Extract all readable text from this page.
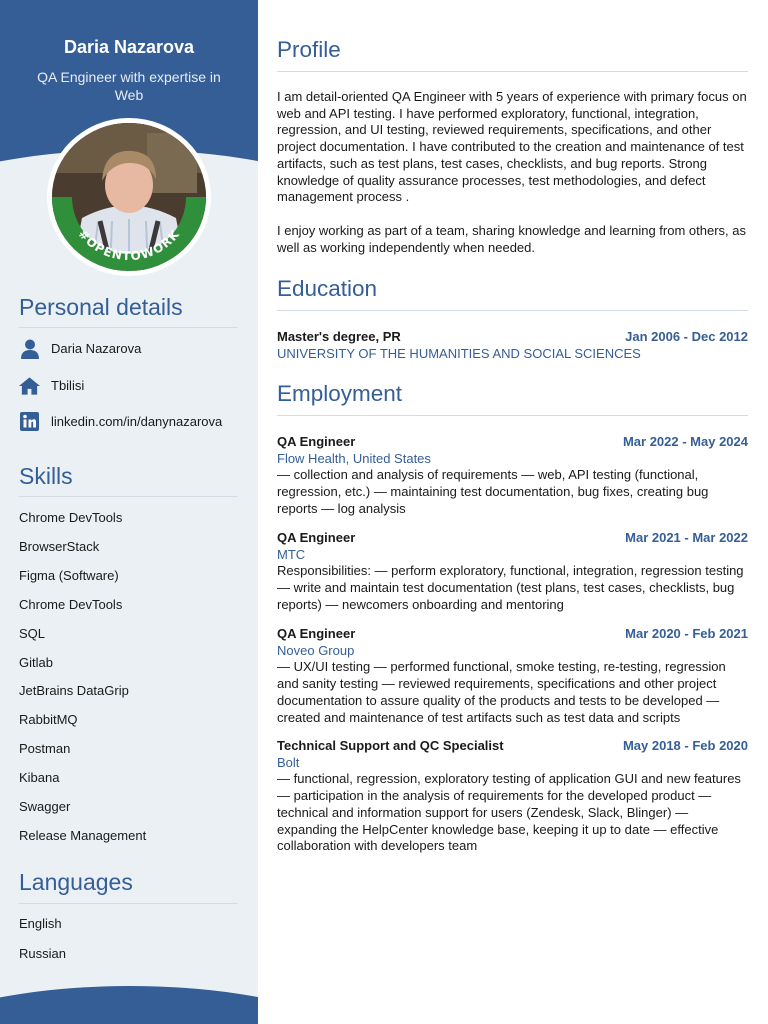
Daria Nazarova
QA Engineer with expertise in Web
#OPENTOWORK
Personal details
Daria Nazarova
Tbilisi
linkedin.com/in/danynazarova
Skills
Chrome DevTools
BrowserStack
Figma (Software)
Chrome DevTools
SQL
Gitlab
JetBrains DataGrip
RabbitMQ
Postman
Kibana
Swagger
Release Management
Languages
English
Russian
Profile
I am detail-oriented QA Engineer with 5 years of experience with primary focus on web and API testing. I have performed exploratory, functional, integration, regression, and UI testing, reviewed requirements, specifications, and other project documentation. I have contributed to the creation and maintenance of test artifacts, such as test plans, test cases, checklists, and bug reports. Strong knowledge of quality assurance processes, test methodologies, and defect management process .
I enjoy working as part of a team, sharing knowledge and learning from others, as well as working independently when needed.
Education
Master's degree, PR	Jan 2006 - Dec 2012
UNIVERSITY OF THE HUMANITIES AND SOCIAL SCIENCES
Employment
QA Engineer	Mar 2022 - May 2024
Flow Health, United States
— collection and analysis of requirements — web, API testing (functional, regression, etc.) — maintaining test documentation, bug fixes, creating bug reports — log analysis
QA Engineer	Mar 2021 - Mar 2022
MTC
Responsibilities: — perform exploratory, functional, integration, regression testing — write and maintain test documentation (test plans, test cases, checklists, bug reports) — newcomers onboarding and mentoring
QA Engineer	Mar 2020 - Feb 2021
Noveo Group
— UX/UI testing — performed functional, smoke testing, re-testing, regression and sanity testing — reviewed requirements, specifications and other project documentation to assure quality of the products and tests to be developed — created and maintenance of test artifacts such as test data and scripts
Technical Support and QC Specialist	May 2018 - Feb 2020
Bolt
— functional, regression, exploratory testing of application GUI and new features — participation in the analysis of requirements for the developed product — technical and information support for users (Zendesk, Slack, Blinger) — expanding the HelpCenter knowledge base, keeping it up to date — effective collaboration with developers team
